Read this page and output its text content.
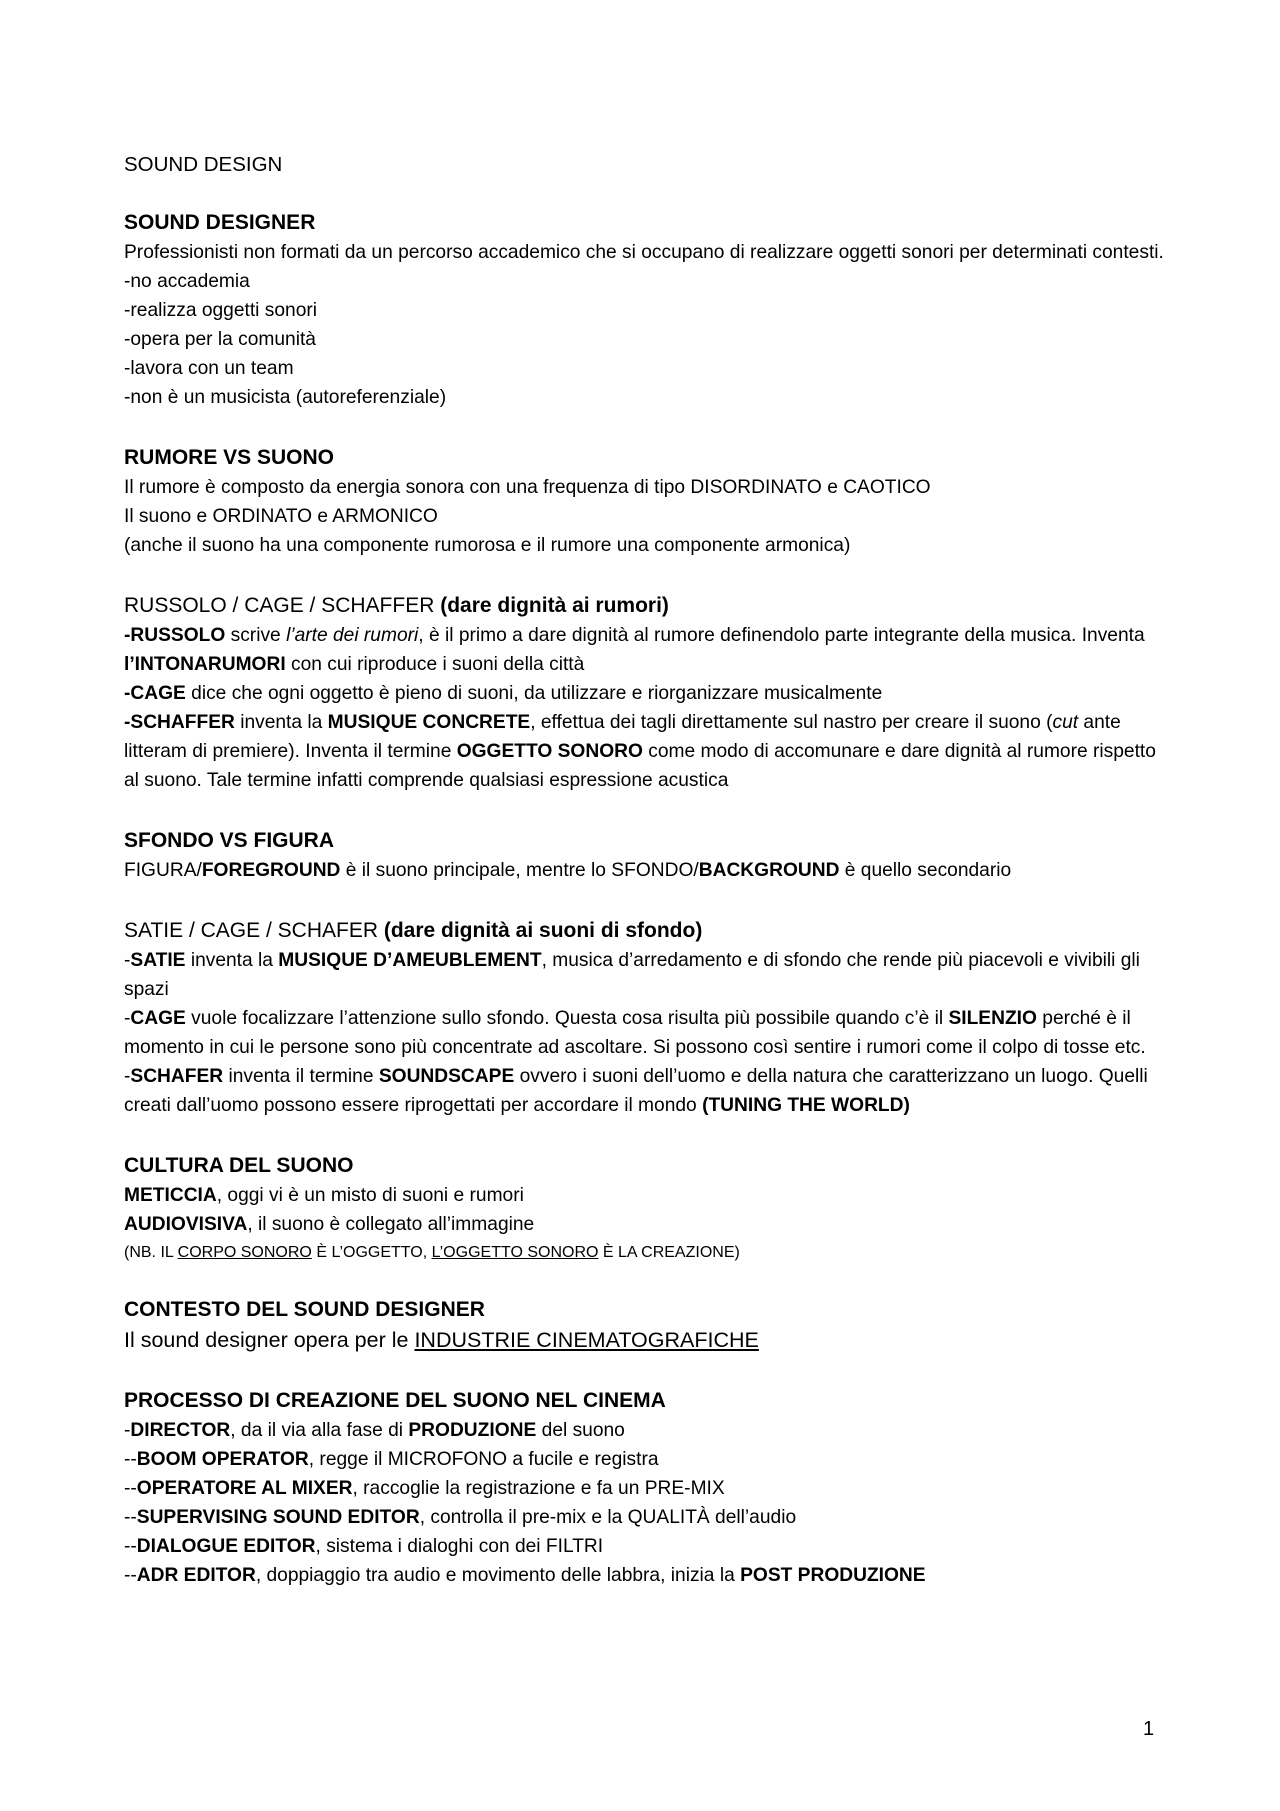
SOUND DESIGN

SOUND DESIGNER

Professionisti non formati da un percorso accademico che si occupano di realizzare oggetti sonori per determinati contesti.

-no accademia

-realizza oggetti sonori

-opera per la comunità

-lavora con un team

-non è un musicista (autoreferenziale)

RUMORE VS SUONO

Il rumore è composto da energia sonora con una frequenza di tipo DISORDINATO e CAOTICO

Il suono e ORDINATO e ARMONICO

(anche il suono ha una componente rumorosa e il rumore una componente armonica)

RUSSOLO / CAGE / SCHAFFER (dare dignità ai rumori)

-RUSSOLO scrive l’arte dei rumori, è il primo a dare dignità al rumore definendolo parte integrante della musica. Inventa l’INTONARUMORI con cui riproduce i suoni della città

-CAGE dice che ogni oggetto è pieno di suoni, da utilizzare e riorganizzare musicalmente

-SCHAFFER inventa la MUSIQUE CONCRETE, effettua dei tagli direttamente sul nastro per creare il suono (cut ante litteram di premiere). Inventa il termine OGGETTO SONORO come modo di accomunare e dare dignità al rumore rispetto al suono. Tale termine infatti comprende qualsiasi espressione acustica

SFONDO VS FIGURA

FIGURA/FOREGROUND è il suono principale, mentre lo SFONDO/BACKGROUND è quello secondario

SATIE / CAGE / SCHAFER (dare dignità ai suoni di sfondo)

-SATIE inventa la MUSIQUE D’AMEUBLEMENT, musica d’arredamento e di sfondo che rende più piacevoli e vivibili gli spazi

-CAGE vuole focalizzare l’attenzione sullo sfondo. Questa cosa risulta più possibile quando c’è il SILENZIO perché è il momento in cui le persone sono più concentrate ad ascoltare. Si possono così sentire i rumori come il colpo di tosse etc.

-SCHAFER inventa il termine SOUNDSCAPE ovvero i suoni dell’uomo e della natura che caratterizzano un luogo. Quelli creati dall’uomo possono essere riprogettati per accordare il mondo (TUNING THE WORLD)

CULTURA DEL SUONO

METICCIA, oggi vi è un misto di suoni e rumori

AUDIOVISIVA, il suono è collegato all’immagine

(NB. IL CORPO SONORO È L’OGGETTO, L’OGGETTO SONORO È LA CREAZIONE)

CONTESTO DEL SOUND DESIGNER

Il sound designer opera per le INDUSTRIE CINEMATOGRAFICHE

PROCESSO DI CREAZIONE DEL SUONO NEL CINEMA

-DIRECTOR, da il via alla fase di PRODUZIONE del suono

--BOOM OPERATOR, regge il MICROFONO a fucile e registra

--OPERATORE AL MIXER, raccoglie la registrazione e fa un PRE-MIX

--SUPERVISING SOUND EDITOR, controlla il pre-mix e la QUALITÀ dell’audio

--DIALOGUE EDITOR, sistema i dialoghi con dei FILTRI

--ADR EDITOR, doppiaggio tra audio e movimento delle labbra, inizia la POST PRODUZIONE

1
